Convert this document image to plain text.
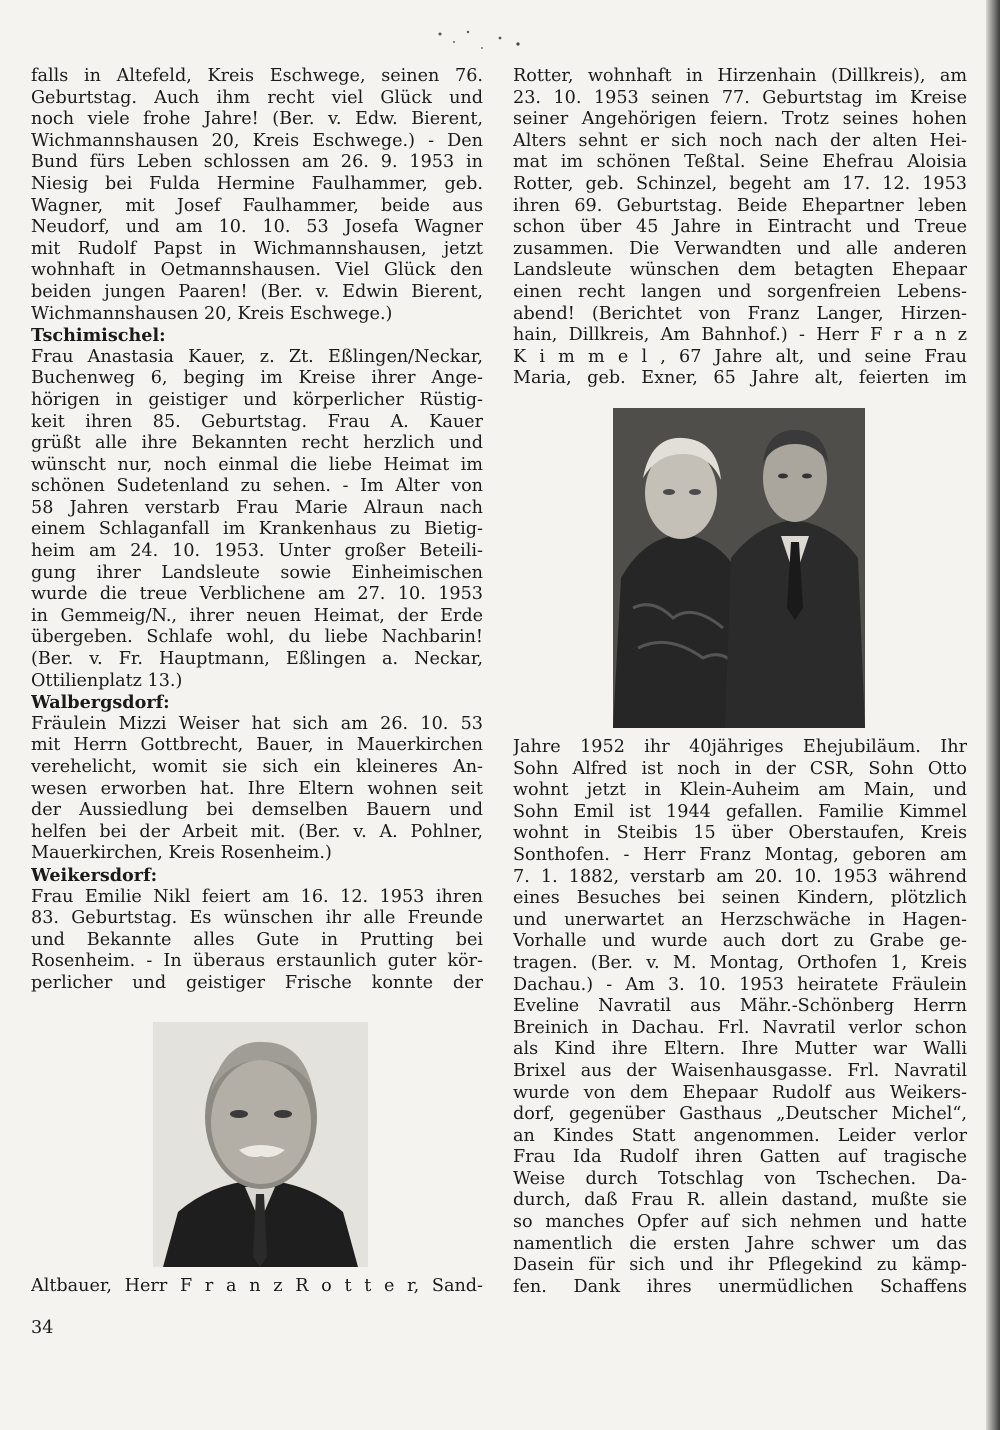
falls in Altefeld, Kreis Eschwege, seinen 76.
Geburtstag. Auch ihm recht viel Glück und
noch viele frohe Jahre! (Ber. v. Edw. Bierent,
Wichmannshausen 20, Kreis Eschwege.) - Den
Bund fürs Leben schlossen am 26. 9. 1953 in
Niesig bei Fulda Hermine Faulhammer, geb.
Wagner, mit Josef Faulhammer, beide aus
Neudorf, und am 10. 10. 53 Josefa Wagner
mit Rudolf Papst in Wichmannshausen, jetzt
wohnhaft in Oetmannshausen. Viel Glück den
beiden jungen Paaren! (Ber. v. Edwin Bierent,
Wichmannshausen 20, Kreis Eschwege.)
Tschimischel:
Frau Anastasia Kauer, z. Zt. Eßlingen/Neckar,
Buchenweg 6, beging im Kreise ihrer Ange-
hörigen in geistiger und körperlicher Rüstig-
keit ihren 85. Geburtstag. Frau A. Kauer
grüßt alle ihre Bekannten recht herzlich und
wünscht nur, noch einmal die liebe Heimat im
schönen Sudetenland zu sehen. - Im Alter von
58 Jahren verstarb Frau Marie Alraun nach
einem Schlaganfall im Krankenhaus zu Bietig-
heim am 24. 10. 1953. Unter großer Beteili-
gung ihrer Landsleute sowie Einheimischen
wurde die treue Verblichene am 27. 10. 1953
in Gemmeig/N., ihrer neuen Heimat, der Erde
übergeben. Schlafe wohl, du liebe Nachbarin!
(Ber. v. Fr. Hauptmann, Eßlingen a. Neckar,
Ottilienplatz 13.)
Walbergsdorf:
Fräulein Mizzi Weiser hat sich am 26. 10. 53
mit Herrn Gottbrecht, Bauer, in Mauerkirchen
verehelicht, womit sie sich ein kleineres An-
wesen erworben hat. Ihre Eltern wohnen seit
der Aussiedlung bei demselben Bauern und
helfen bei der Arbeit mit. (Ber. v. A. Pohlner,
Mauerkirchen, Kreis Rosenheim.)
Weikersdorf:
Frau Emilie Nikl feiert am 16. 12. 1953 ihren
83. Geburtstag. Es wünschen ihr alle Freunde
und Bekannte alles Gute in Prutting bei
Rosenheim. - In überaus erstaunlich guter kör-
perlicher und geistiger Frische konnte der
Altbauer, Herr F r a n z R o t t e r, Sand-
34
Rotter, wohnhaft in Hirzenhain (Dillkreis), am
23. 10. 1953 seinen 77. Geburtstag im Kreise
seiner Angehörigen feiern. Trotz seines hohen
Alters sehnt er sich noch nach der alten Hei-
mat im schönen Teßtal. Seine Ehefrau Aloisia
Rotter, geb. Schinzel, begeht am 17. 12. 1953
ihren 69. Geburtstag. Beide Ehepartner leben
schon über 45 Jahre in Eintracht und Treue
zusammen. Die Verwandten und alle anderen
Landsleute wünschen dem betagten Ehepaar
einen recht langen und sorgenfreien Lebens-
abend! (Berichtet von Franz Langer, Hirzen-
hain, Dillkreis, Am Bahnhof.) - Herr F r a n z
K i m m e l , 67 Jahre alt, und seine Frau
Maria, geb. Exner, 65 Jahre alt, feierten im
Jahre 1952 ihr 40jähriges Ehejubiläum. Ihr
Sohn Alfred ist noch in der CSR, Sohn Otto
wohnt jetzt in Klein-Auheim am Main, und
Sohn Emil ist 1944 gefallen. Familie Kimmel
wohnt in Steibis 15 über Oberstaufen, Kreis
Sonthofen. - Herr Franz Montag, geboren am
7. 1. 1882, verstarb am 20. 10. 1953 während
eines Besuches bei seinen Kindern, plötzlich
und unerwartet an Herzschwäche in Hagen-
Vorhalle und wurde auch dort zu Grabe ge-
tragen. (Ber. v. M. Montag, Orthofen 1, Kreis
Dachau.) - Am 3. 10. 1953 heiratete Fräulein
Eveline Navratil aus Mähr.-Schönberg Herrn
Breinich in Dachau. Frl. Navratil verlor schon
als Kind ihre Eltern. Ihre Mutter war Walli
Brixel aus der Waisenhausgasse. Frl. Navratil
wurde von dem Ehepaar Rudolf aus Weikers-
dorf, gegenüber Gasthaus „Deutscher Michel“,
an Kindes Statt angenommen. Leider verlor
Frau Ida Rudolf ihren Gatten auf tragische
Weise durch Totschlag von Tschechen. Da-
durch, daß Frau R. allein dastand, mußte sie
so manches Opfer auf sich nehmen und hatte
namentlich die ersten Jahre schwer um das
Dasein für sich und ihr Pflegekind zu kämp-
fen. Dank ihres unermüdlichen Schaffens
